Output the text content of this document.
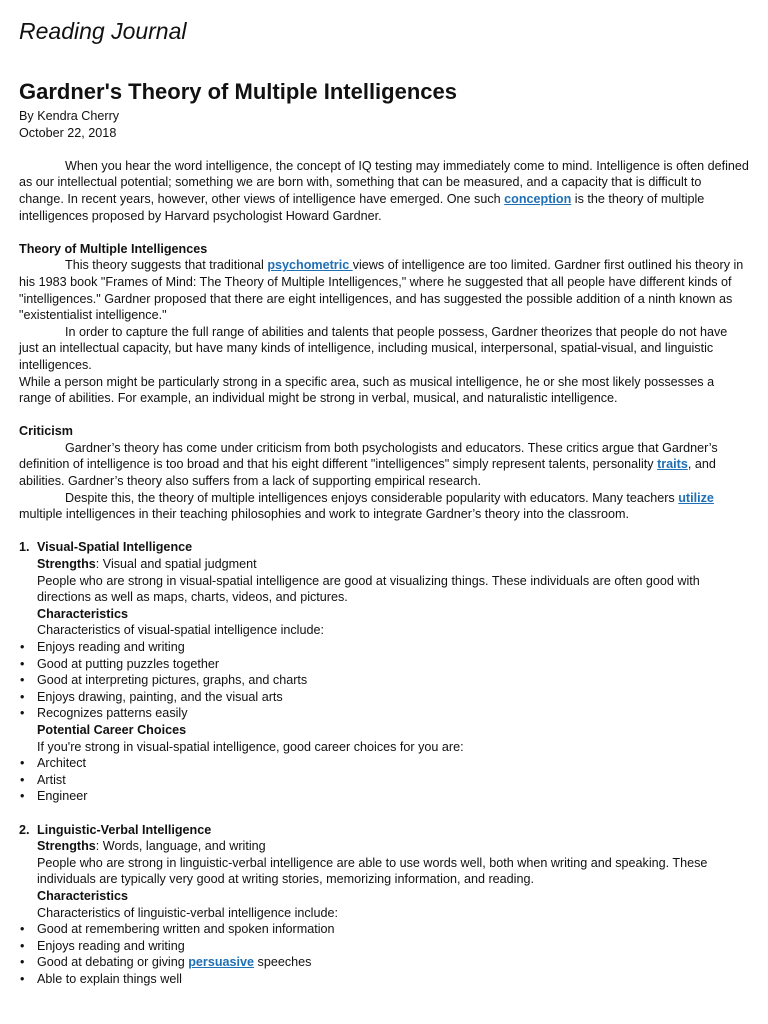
Reading Journal
Gardner's Theory of Multiple Intelligences

By Kendra Cherry

October 22, 2018

When you hear the word intelligence, the concept of IQ testing may immediately come to mind. Intelligence is often defined as our intellectual potential; something we are born with, something that can be measured, and a capacity that is difficult to change. In recent years, however, other views of intelligence have emerged. One such conception is the theory of multiple intelligences proposed by Harvard psychologist Howard Gardner.

Theory of Multiple Intelligences

This theory suggests that traditional psychometric views of intelligence are too limited. Gardner first outlined his theory in his 1983 book "Frames of Mind: The Theory of Multiple Intelligences," where he suggested that all people have different kinds of "intelligences." Gardner proposed that there are eight intelligences, and has suggested the possible addition of a ninth known as "existentialist intelligence."

In order to capture the full range of abilities and talents that people possess, Gardner theorizes that people do not have just an intellectual capacity, but have many kinds of intelligence, including musical, interpersonal, spatial-visual, and linguistic intelligences.

While a person might be particularly strong in a specific area, such as musical intelligence, he or she most likely possesses a range of abilities. For example, an individual might be strong in verbal, musical, and naturalistic intelligence.

Criticism

Gardner’s theory has come under criticism from both psychologists and educators. These critics argue that Gardner’s definition of intelligence is too broad and that his eight different "intelligences" simply represent talents, personality traits, and abilities. Gardner’s theory also suffers from a lack of supporting empirical research.

Despite this, the theory of multiple intelligences enjoys considerable popularity with educators. Many teachers utilize multiple intelligences in their teaching philosophies and work to integrate Gardner’s theory into the classroom.

1. Visual-Spatial Intelligence
Strengths: Visual and spatial judgment
People who are strong in visual-spatial intelligence are good at visualizing things. These individuals are often good with directions as well as maps, charts, videos, and pictures.
Characteristics
Characteristics of visual-spatial intelligence include:
• Enjoys reading and writing
• Good at putting puzzles together
• Good at interpreting pictures, graphs, and charts
• Enjoys drawing, painting, and the visual arts
• Recognizes patterns easily
Potential Career Choices
If you're strong in visual-spatial intelligence, good career choices for you are:
• Architect
• Artist
• Engineer
2. Linguistic-Verbal Intelligence
Strengths: Words, language, and writing
People who are strong in linguistic-verbal intelligence are able to use words well, both when writing and speaking. These individuals are typically very good at writing stories, memorizing information, and reading.
Characteristics
Characteristics of linguistic-verbal intelligence include:
• Good at remembering written and spoken information
• Enjoys reading and writing
• Good at debating or giving persuasive speeches
• Able to explain things well
